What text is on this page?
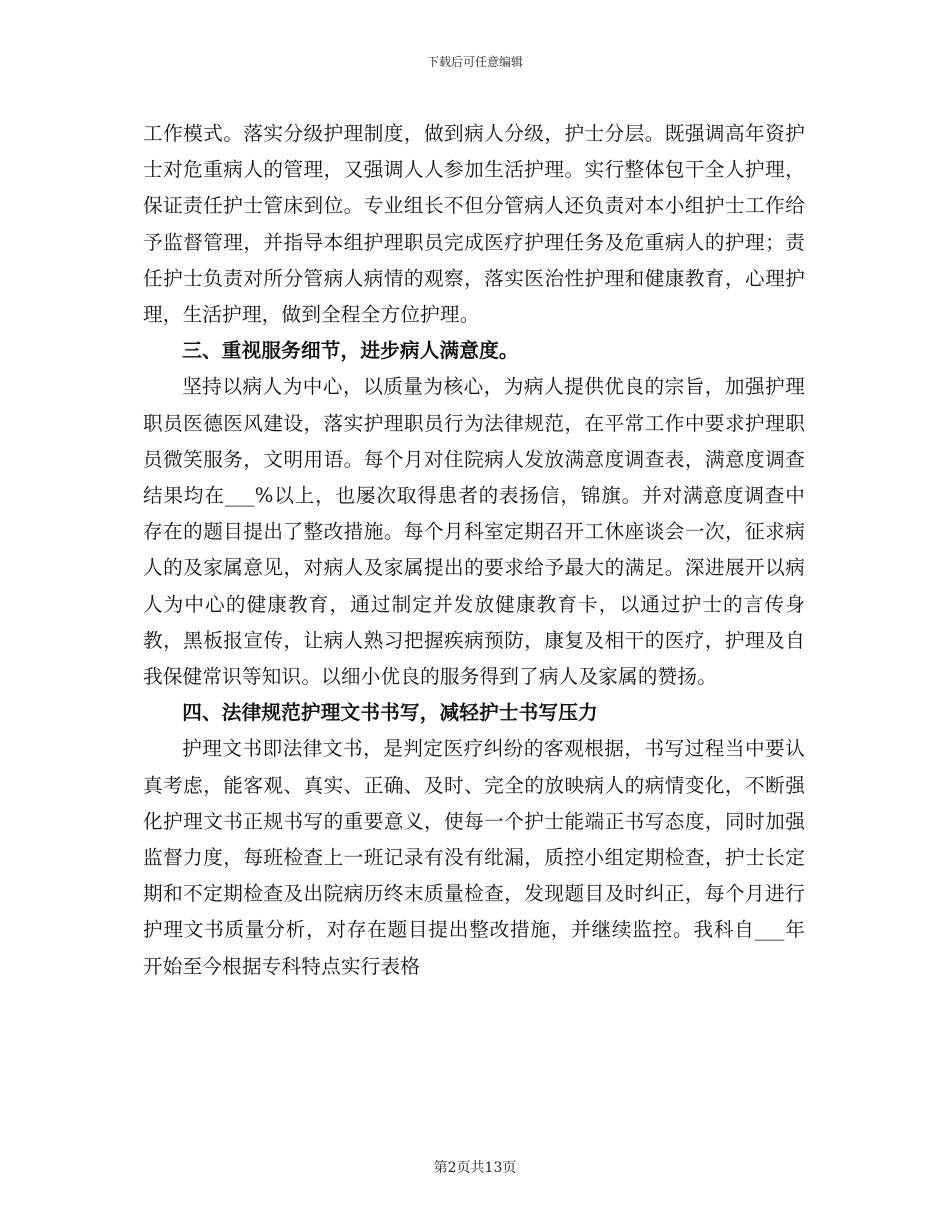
下载后可任意编辑

工作模式。落实分级护理制度，做到病人分级，护士分层。既强调高年资护士对危重病人的管理，又强调人人参加生活护理。实行整体包干全人护理，保证责任护士管床到位。专业组长不但分管病人还负责对本小组护士工作给予监督管理，并指导本组护理职员完成医疗护理任务及危重病人的护理；责任护士负责对所分管病人病情的观察，落实医治性护理和健康教育，心理护理，生活护理，做到全程全方位护理。

三、重视服务细节，进步病人满意度。

坚持以病人为中心，以质量为核心，为病人提供优良的宗旨，加强护理职员医德医风建设，落实护理职员行为法律规范，在平常工作中要求护理职员微笑服务，文明用语。每个月对住院病人发放满意度调查表，满意度调查结果均在___%以上，也屡次取得患者的表扬信，锦旗。并对满意度调查中存在的题目提出了整改措施。每个月科室定期召开工休座谈会一次，征求病人的及家属意见，对病人及家属提出的要求给予最大的满足。深进展开以病人为中心的健康教育，通过制定并发放健康教育卡，以通过护士的言传身教，黑板报宣传，让病人熟习把握疾病预防，康复及相干的医疗，护理及自我保健常识等知识。以细小优良的服务得到了病人及家属的赞扬。

四、法律规范护理文书书写，减轻护士书写压力

护理文书即法律文书，是判定医疗纠纷的客观根据，书写过程当中要认真考虑，能客观、真实、正确、及时、完全的放映病人的病情变化，不断强化护理文书正规书写的重要意义，使每一个护士能端正书写态度，同时加强监督力度，每班检查上一班记录有没有纰漏，质控小组定期检查，护士长定期和不定期检查及出院病历终末质量检查，发现题目及时纠正，每个月进行护理文书质量分析，对存在题目提出整改措施，并继续监控。我科自___年开始至今根据专科特点实行表格

第2页共13页
